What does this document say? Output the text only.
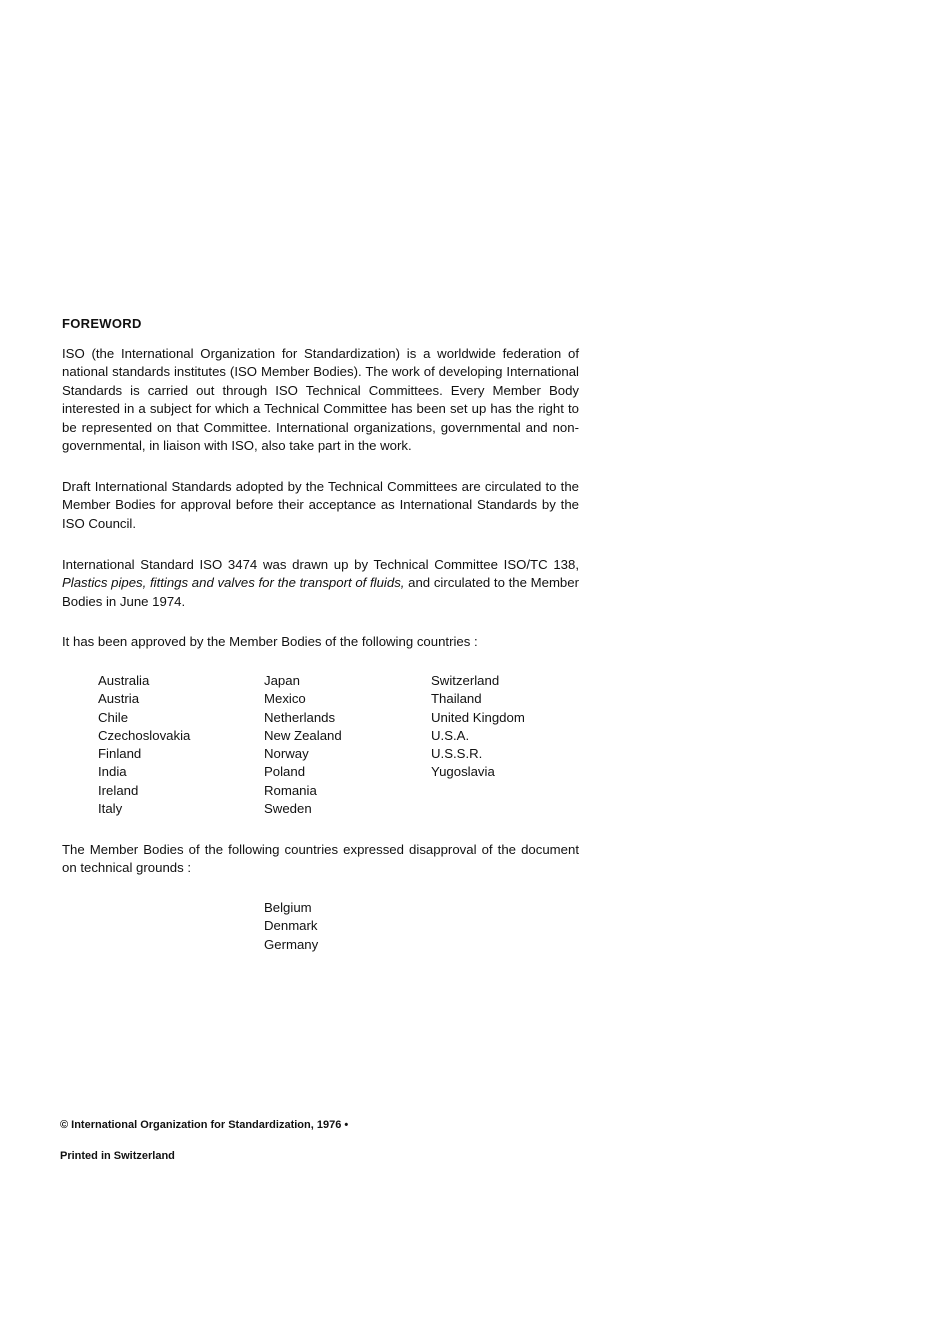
FOREWORD

ISO (the International Organization for Standardization) is a worldwide federation of national standards institutes (ISO Member Bodies). The work of developing International Standards is carried out through ISO Technical Committees. Every Member Body interested in a subject for which a Technical Committee has been set up has the right to be represented on that Committee. International organizations, governmental and non-governmental, in liaison with ISO, also take part in the work.

Draft International Standards adopted by the Technical Committees are circulated to the Member Bodies for approval before their acceptance as International Standards by the ISO Council.

International Standard ISO 3474 was drawn up by Technical Committee ISO/TC 138, Plastics pipes, fittings and valves for the transport of fluids, and circulated to the Member Bodies in June 1974.

It has been approved by the Member Bodies of the following countries :

Australia
Austria
Chile
Czechoslovakia
Finland
India
Ireland
Italy
Japan
Mexico
Netherlands
New Zealand
Norway
Poland
Romania
Sweden
Switzerland
Thailand
United Kingdom
U.S.A.
U.S.S.R.
Yugoslavia

The Member Bodies of the following countries expressed disapproval of the document on technical grounds :

Belgium
Denmark
Germany
© International Organization for Standardization, 1976 •
Printed in Switzerland
